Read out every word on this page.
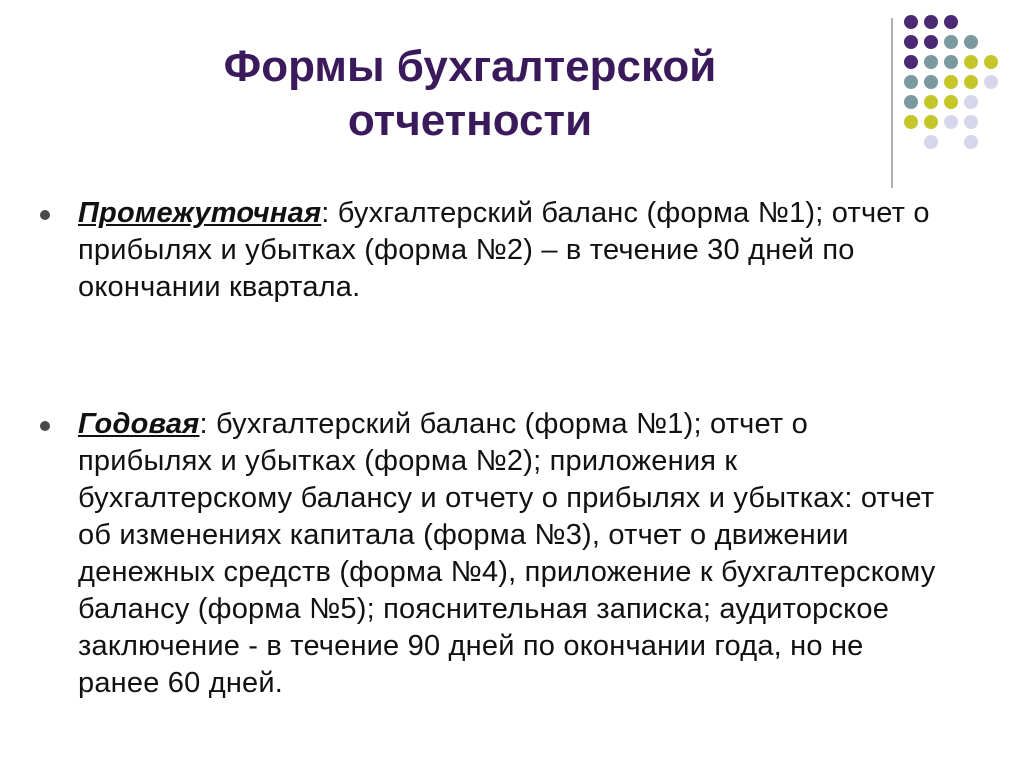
Формы бухгалтерской
отчетности
Промежуточная: бухгалтерский баланс (форма №1); отчет о прибылях и убытках (форма №2) – в течение 30 дней по окончании квартала.
Годовая: бухгалтерский баланс (форма №1); отчет о прибылях и убытках (форма №2); приложения к бухгалтерскому балансу и отчету о прибылях и убытках: отчет об изменениях капитала (форма №3), отчет о движении денежных средств (форма №4), приложение к бухгалтерскому балансу (форма №5); пояснительная записка; аудиторское заключение - в течение 90 дней по окончании года, но не ранее 60 дней.
